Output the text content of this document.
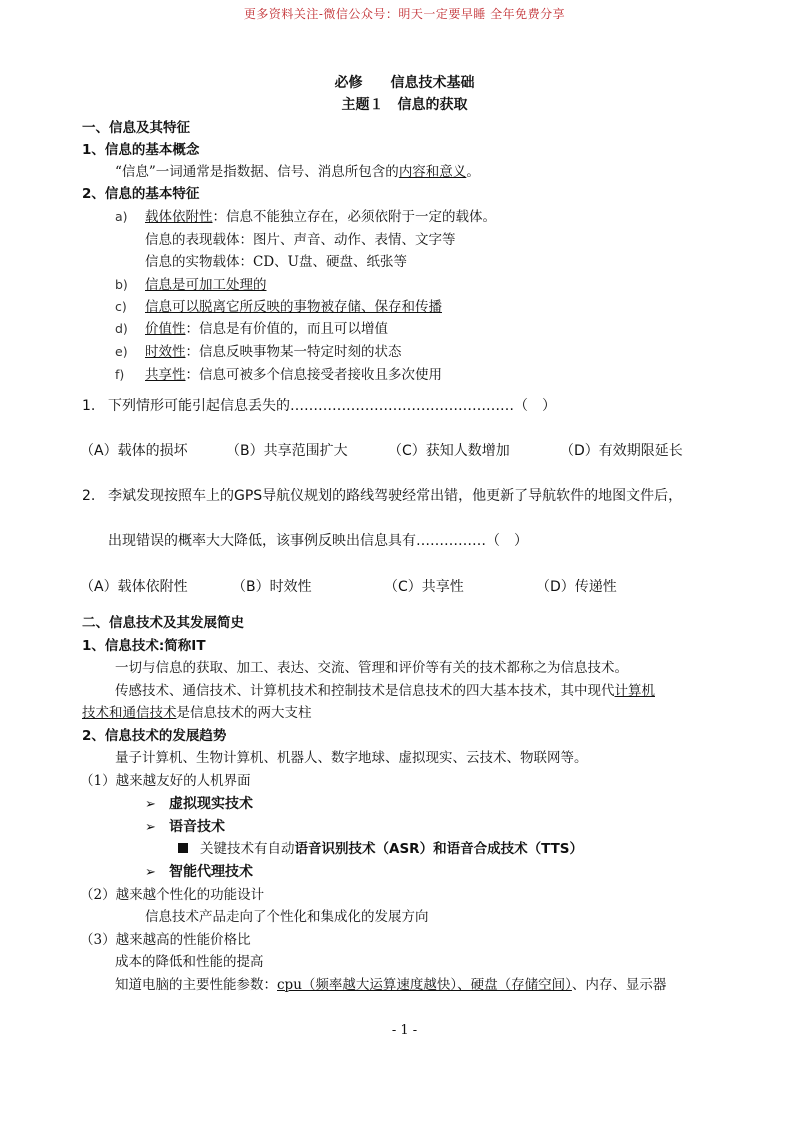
更多资料关注-微信公众号：明天一定要早睡 全年免费分享
必修　　信息技术基础
主题１　信息的获取
一、信息及其特征
1、信息的基本概念
“信息”一词通常是指数据、信号、消息所包含的内容和意义。
2、信息的基本特征
a) 载体依附性：信息不能独立存在，必须依附于一定的载体。
信息的表现载体：图片、声音、动作、表情、文字等
信息的实物载体：CD、U盘、硬盘、纸张等
b) 信息是可加工处理的
c) 信息可以脱离它所反映的事物被存储、保存和传播
d) 价值性：信息是有价值的，而且可以增值
e) 时效性：信息反映事物某一特定时刻的状态
f) 共享性：信息可被多个信息接受者接收且多次使用
1. 下列情形可能引起信息丢失的…………………………………………（　）
（A）载体的损坏	（B）共享范围扩大	（C）获知人数增加	（D）有效期限延长
2. 李斌发现按照车上的GPS导航仪规划的路线驾驶经常出错，他更新了导航软件的地图文件后，
出现错误的概率大大降低，该事例反映出信息具有……………（　）
（A）载体依附性	（B）时效性	（C）共享性	（D）传递性
二、信息技术及其发展简史
1、信息技术:简称IT
一切与信息的获取、加工、表达、交流、管理和评价等有关的技术都称之为信息技术。
传感技术、通信技术、计算机技术和控制技术是信息技术的四大基本技术，其中现代计算机
技术和通信技术是信息技术的两大支柱
2、信息技术的发展趋势
量子计算机、生物计算机、机器人、数字地球、虚拟现实、云技术、物联网等。
（1）越来越友好的人机界面
➢ 虚拟现实技术
➢ 语音技术
关键技术有自动语音识别技术（ASR）和语音合成技术（TTS）
➢ 智能代理技术
（2）越来越个性化的功能设计
信息技术产品走向了个性化和集成化的发展方向
（3）越来越高的性能价格比
成本的降低和性能的提高
知道电脑的主要性能参数：cpu（频率越大运算速度越快）、硬盘（存储空间）、内存、显示器
- 1 -
